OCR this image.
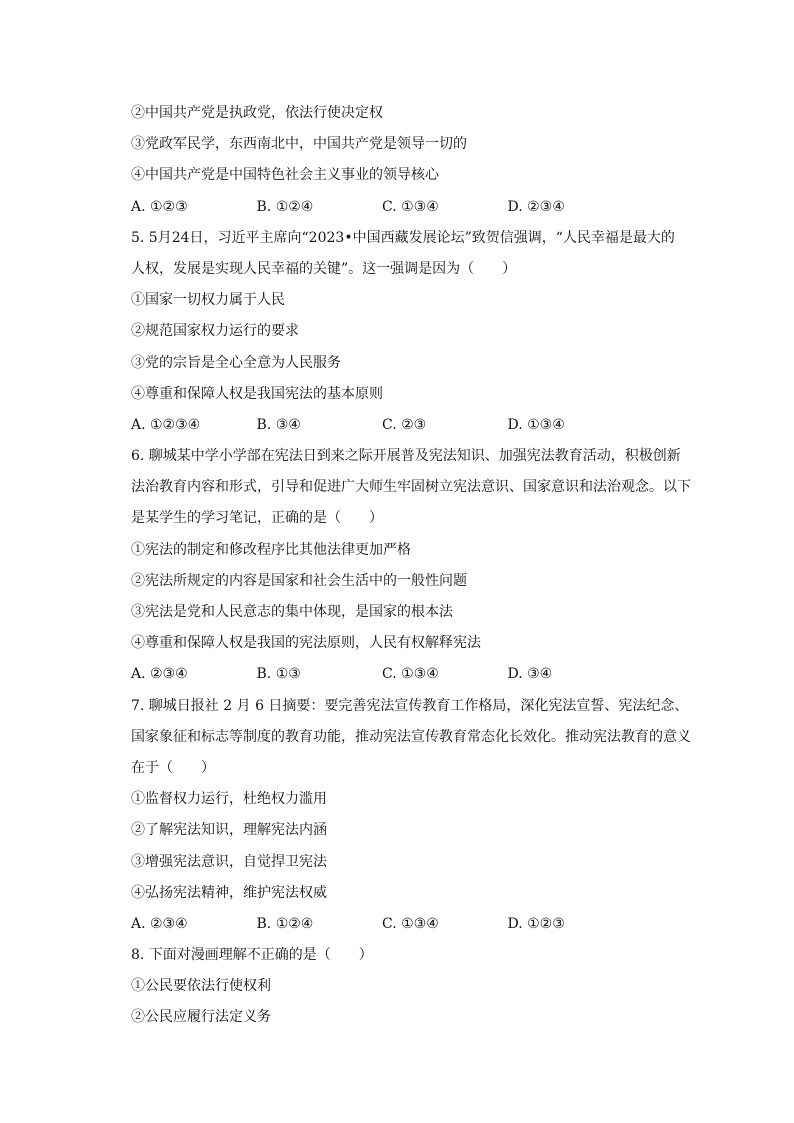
②中国共产党是执政党，依法行使决定权
③党政军民学，东西南北中，中国共产党是领导一切的
④中国共产党是中国特色社会主义事业的领导核心
A. ①②③	B. ①②④	C. ①③④	D. ②③④
5. 5月24日，习近平主席向“2023•中国西藏发展论坛”致贺信强调，“人民幸福是最大的
人权，发展是实现人民幸福的关键”。这一强调是因为（　　）
①国家一切权力属于人民
②规范国家权力运行的要求
③党的宗旨是全心全意为人民服务
④尊重和保障人权是我国宪法的基本原则
A. ①②③④	B. ③④	C. ②③	D. ①③④
6. 聊城某中学小学部在宪法日到来之际开展普及宪法知识、加强宪法教育活动，积极创新
法治教育内容和形式，引导和促进广大师生牢固树立宪法意识、国家意识和法治观念。以下
是某学生的学习笔记，正确的是（　　）
①宪法的制定和修改程序比其他法律更加严格
②宪法所规定的内容是国家和社会生活中的一般性问题
③宪法是党和人民意志的集中体现，是国家的根本法
④尊重和保障人权是我国的宪法原则，人民有权解释宪法
A. ②③④	B. ①③	C. ①③④	D. ③④
7. 聊城日报社 2 月 6 日摘要：要完善宪法宣传教育工作格局，深化宪法宣誓、宪法纪念、
国家象征和标志等制度的教育功能，推动宪法宣传教育常态化长效化。推动宪法教育的意义
在于（　　）
①监督权力运行，杜绝权力滥用
②了解宪法知识，理解宪法内涵
③增强宪法意识，自觉捍卫宪法
④弘扬宪法精神，维护宪法权威
A. ②③④	B. ①②④	C. ①③④	D. ①②③
8. 下面对漫画理解不正确的是（　　）
①公民要依法行使权利
②公民应履行法定义务
